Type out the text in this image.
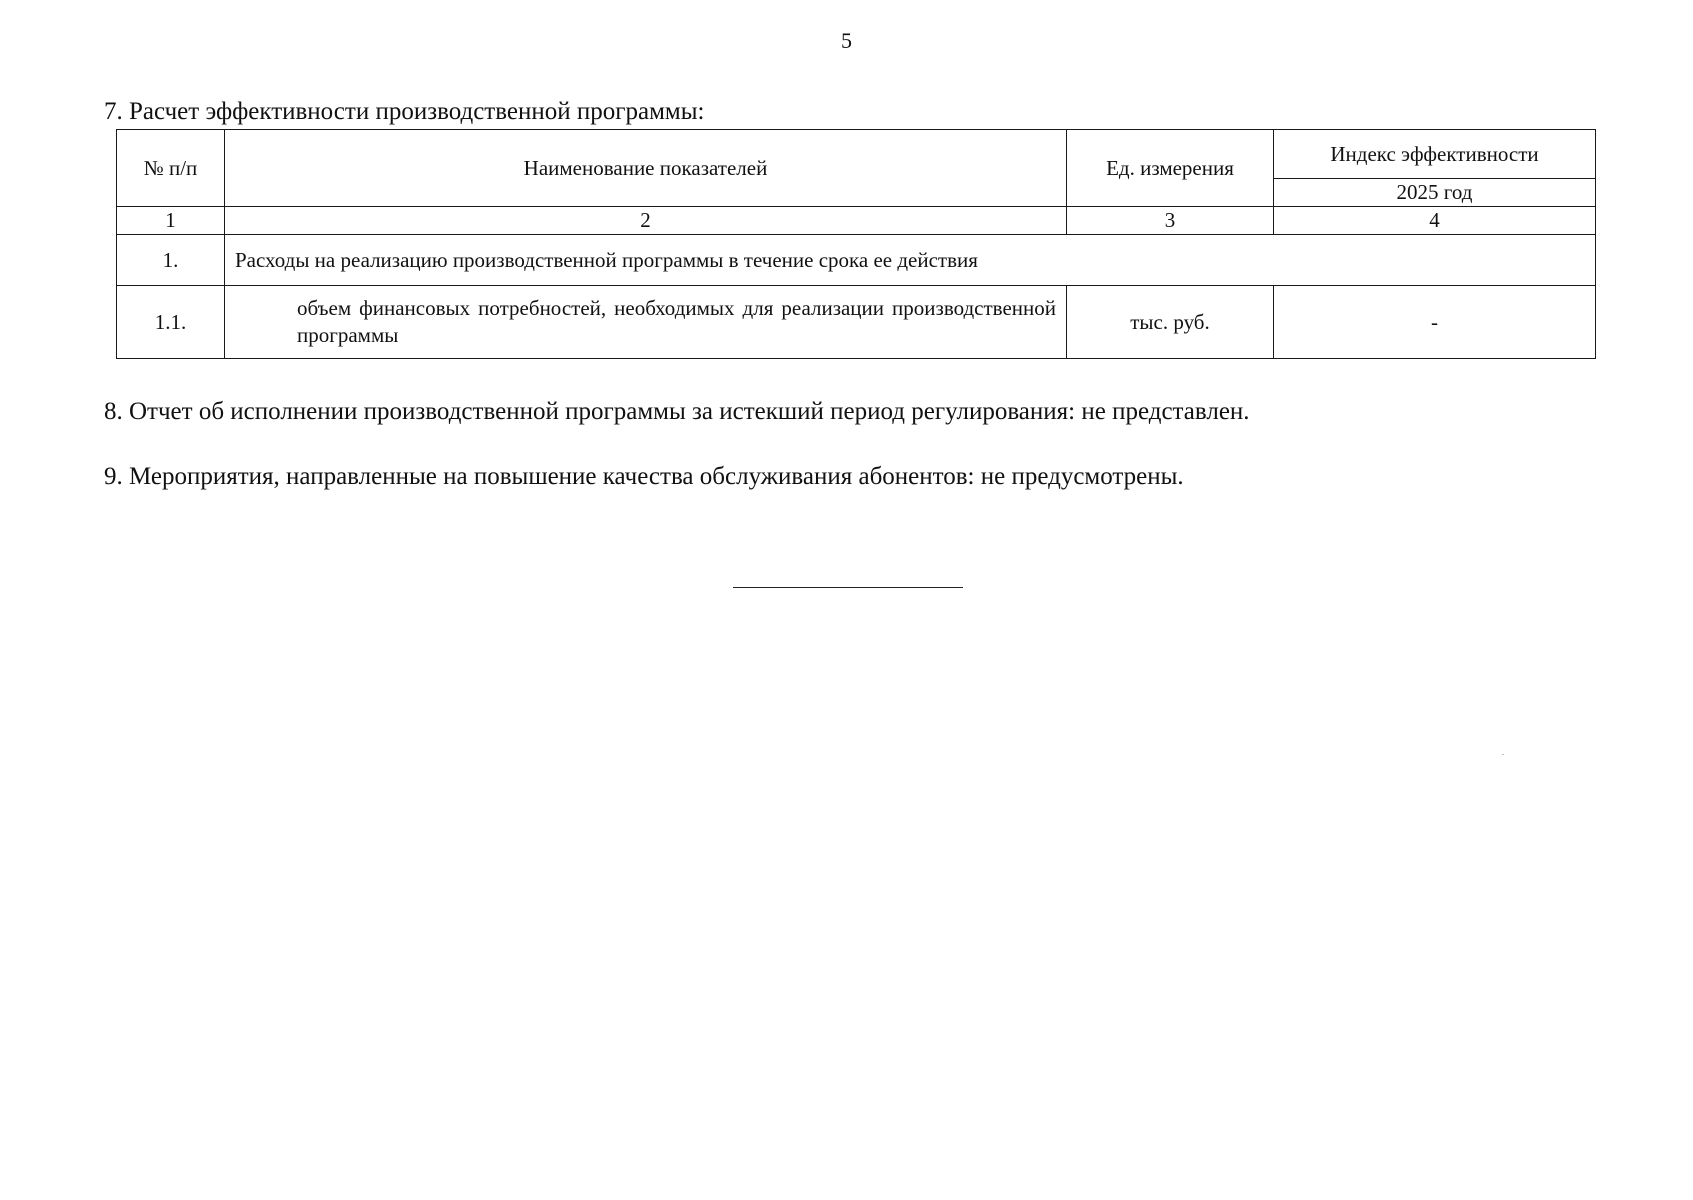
5
7. Расчет эффективности производственной программы:
№ п/п	Наименование показателей	Ед. измерения	Индекс эффективности
			2025 год
1	2	3	4
1.	Расходы на реализацию производственной программы в течение срока ее действия		
1.1.	объем финансовых потребностей, необходимых для реализации производственной программы	тыс. руб.	-

8. Отчет об исполнении производственной программы за истекший период регулирования: не представлен.

9. Мероприятия, направленные на повышение качества обслуживания абонентов: не предусмотрены.
